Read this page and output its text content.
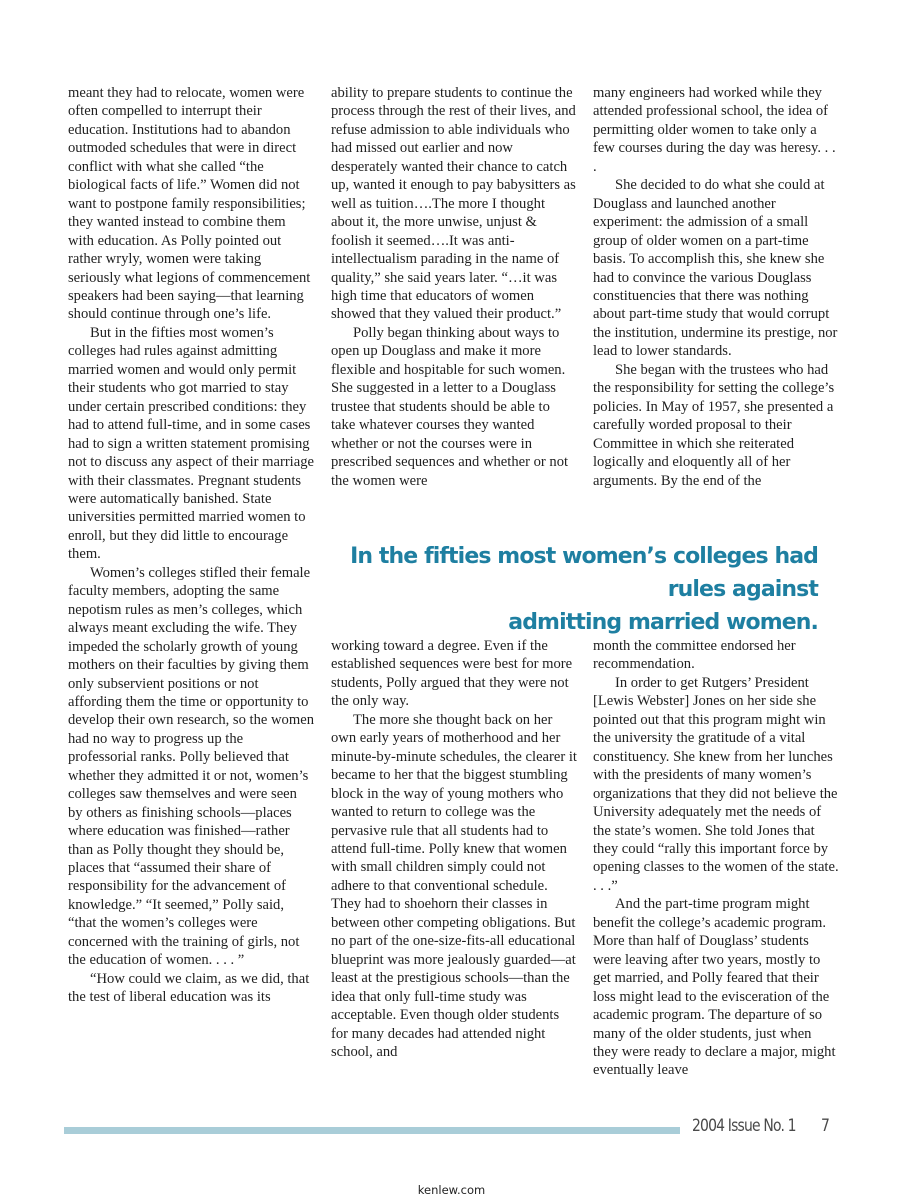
meant they had to relocate, women were often compelled to interrupt their education. Institutions had to abandon outmoded schedules that were in direct conflict with what she called “the biological facts of life.” Women did not want to postpone family responsibilities; they wanted instead to combine them with education. As Polly pointed out rather wryly, women were taking seriously what legions of commencement speakers had been saying—that learning should continue through one’s life.

But in the fifties most women’s colleges had rules against admitting married women and would only permit their students who got married to stay under certain prescribed conditions: they had to attend full-time, and in some cases had to sign a written statement promising not to discuss any aspect of their marriage with their classmates. Pregnant students were automatically banished. State universities permitted married women to enroll, but they did little to encourage them.

Women’s colleges stifled their female faculty members, adopting the same nepotism rules as men’s colleges, which always meant excluding the wife. They impeded the scholarly growth of young mothers on their faculties by giving them only subservient positions or not affording them the time or opportunity to develop their own research, so the women had no way to progress up the professorial ranks. Polly believed that whether they admitted it or not, women’s colleges saw themselves and were seen by others as finishing schools—places where education was finished—rather than as Polly thought they should be, places that “assumed their share of responsibility for the advancement of knowledge.” “It seemed,” Polly said, “that the women’s colleges were concerned with the training of girls, not the education of women. . . . ”

“How could we claim, as we did, that the test of liberal education was its

ability to prepare students to continue the process through the rest of their lives, and refuse admission to able individuals who had missed out earlier and now desperately wanted their chance to catch up, wanted it enough to pay babysitters as well as tuition….The more I thought about it, the more unwise, unjust & foolish it seemed….It was anti-intellectualism parading in the name of quality,” she said years later. “…it was high time that educators of women showed that they valued their product.”

Polly began thinking about ways to open up Douglass and make it more flexible and hospitable for such women. She suggested in a letter to a Douglass trustee that students should be able to take whatever courses they wanted whether or not the courses were in prescribed sequences and whether or not the women were

many engineers had worked while they attended professional school, the idea of permitting older women to take only a few courses during the day was heresy. . . .

She decided to do what she could at Douglass and launched another experiment: the admission of a small group of older women on a part-time basis. To accomplish this, she knew she had to convince the various Douglass constituencies that there was nothing about part-time study that would corrupt the institution, undermine its prestige, nor lead to lower standards.

She began with the trustees who had the responsibility for setting the college’s policies. In May of 1957, she presented a carefully worded proposal to their Committee in which she reiterated logically and eloquently all of her arguments. By the end of the

In the fifties most women’s colleges had rules against
admitting married women.

working toward a degree. Even if the established sequences were best for more students, Polly argued that they were not the only way.

The more she thought back on her own early years of motherhood and her minute-by-minute schedules, the clearer it became to her that the biggest stumbling block in the way of young mothers who wanted to return to college was the pervasive rule that all students had to attend full-time. Polly knew that women with small children simply could not adhere to that conventional schedule. They had to shoehorn their classes in between other competing obligations. But no part of the one-size-fits-all educational blueprint was more jealously guarded—at least at the prestigious schools—than the idea that only full-time study was acceptable. Even though older students for many decades had attended night school, and

month the committee endorsed her recommendation.

In order to get Rutgers’ President [Lewis Webster] Jones on her side she pointed out that this program might win the university the gratitude of a vital constituency. She knew from her lunches with the presidents of many women’s organizations that they did not believe the University adequately met the needs of the state’s women. She told Jones that they could “rally this important force by opening classes to the women of the state. . . .”

And the part-time program might benefit the college’s academic program. More than half of Douglass’ students were leaving after two years, mostly to get married, and Polly feared that their loss might lead to the evisceration of the academic program. The departure of so many of the older students, just when they were ready to declare a major, might eventually leave

2004 Issue No. 1 7
kenlew.com
